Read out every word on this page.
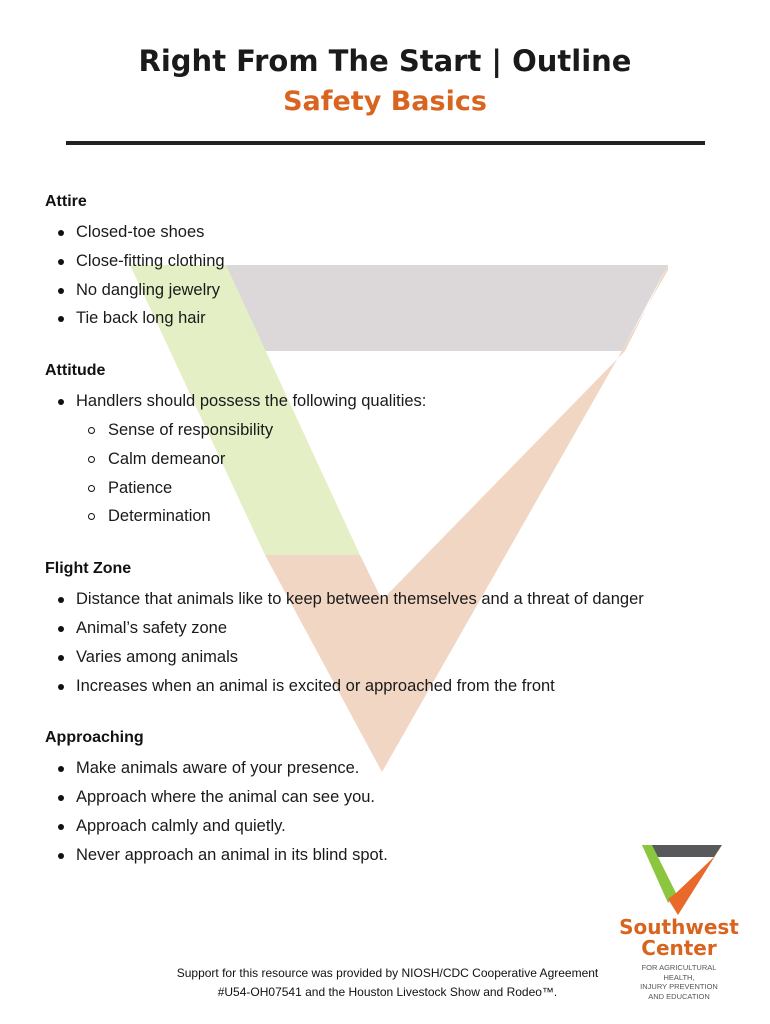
Right From The Start | Outline
Safety Basics
Attire
Closed-toe shoes
Close-fitting clothing
No dangling jewelry
Tie back long hair
Attitude
Handlers should possess the following qualities:
Sense of responsibility
Calm demeanor
Patience
Determination
Flight Zone
Distance that animals like to keep between themselves and a threat of danger
Animal’s safety zone
Varies among animals
Increases when an animal is excited or approached from the front
Approaching
Make animals aware of your presence.
Approach where the animal can see you.
Approach calmly and quietly.
Never approach an animal in its blind spot.
Southwest
Center
FOR AGRICULTURAL HEALTH,
INJURY PREVENTION
AND EDUCATION
Support for this resource was provided by NIOSH/CDC Cooperative Agreement
#U54-OH07541 and the Houston Livestock Show and Rodeo™.
